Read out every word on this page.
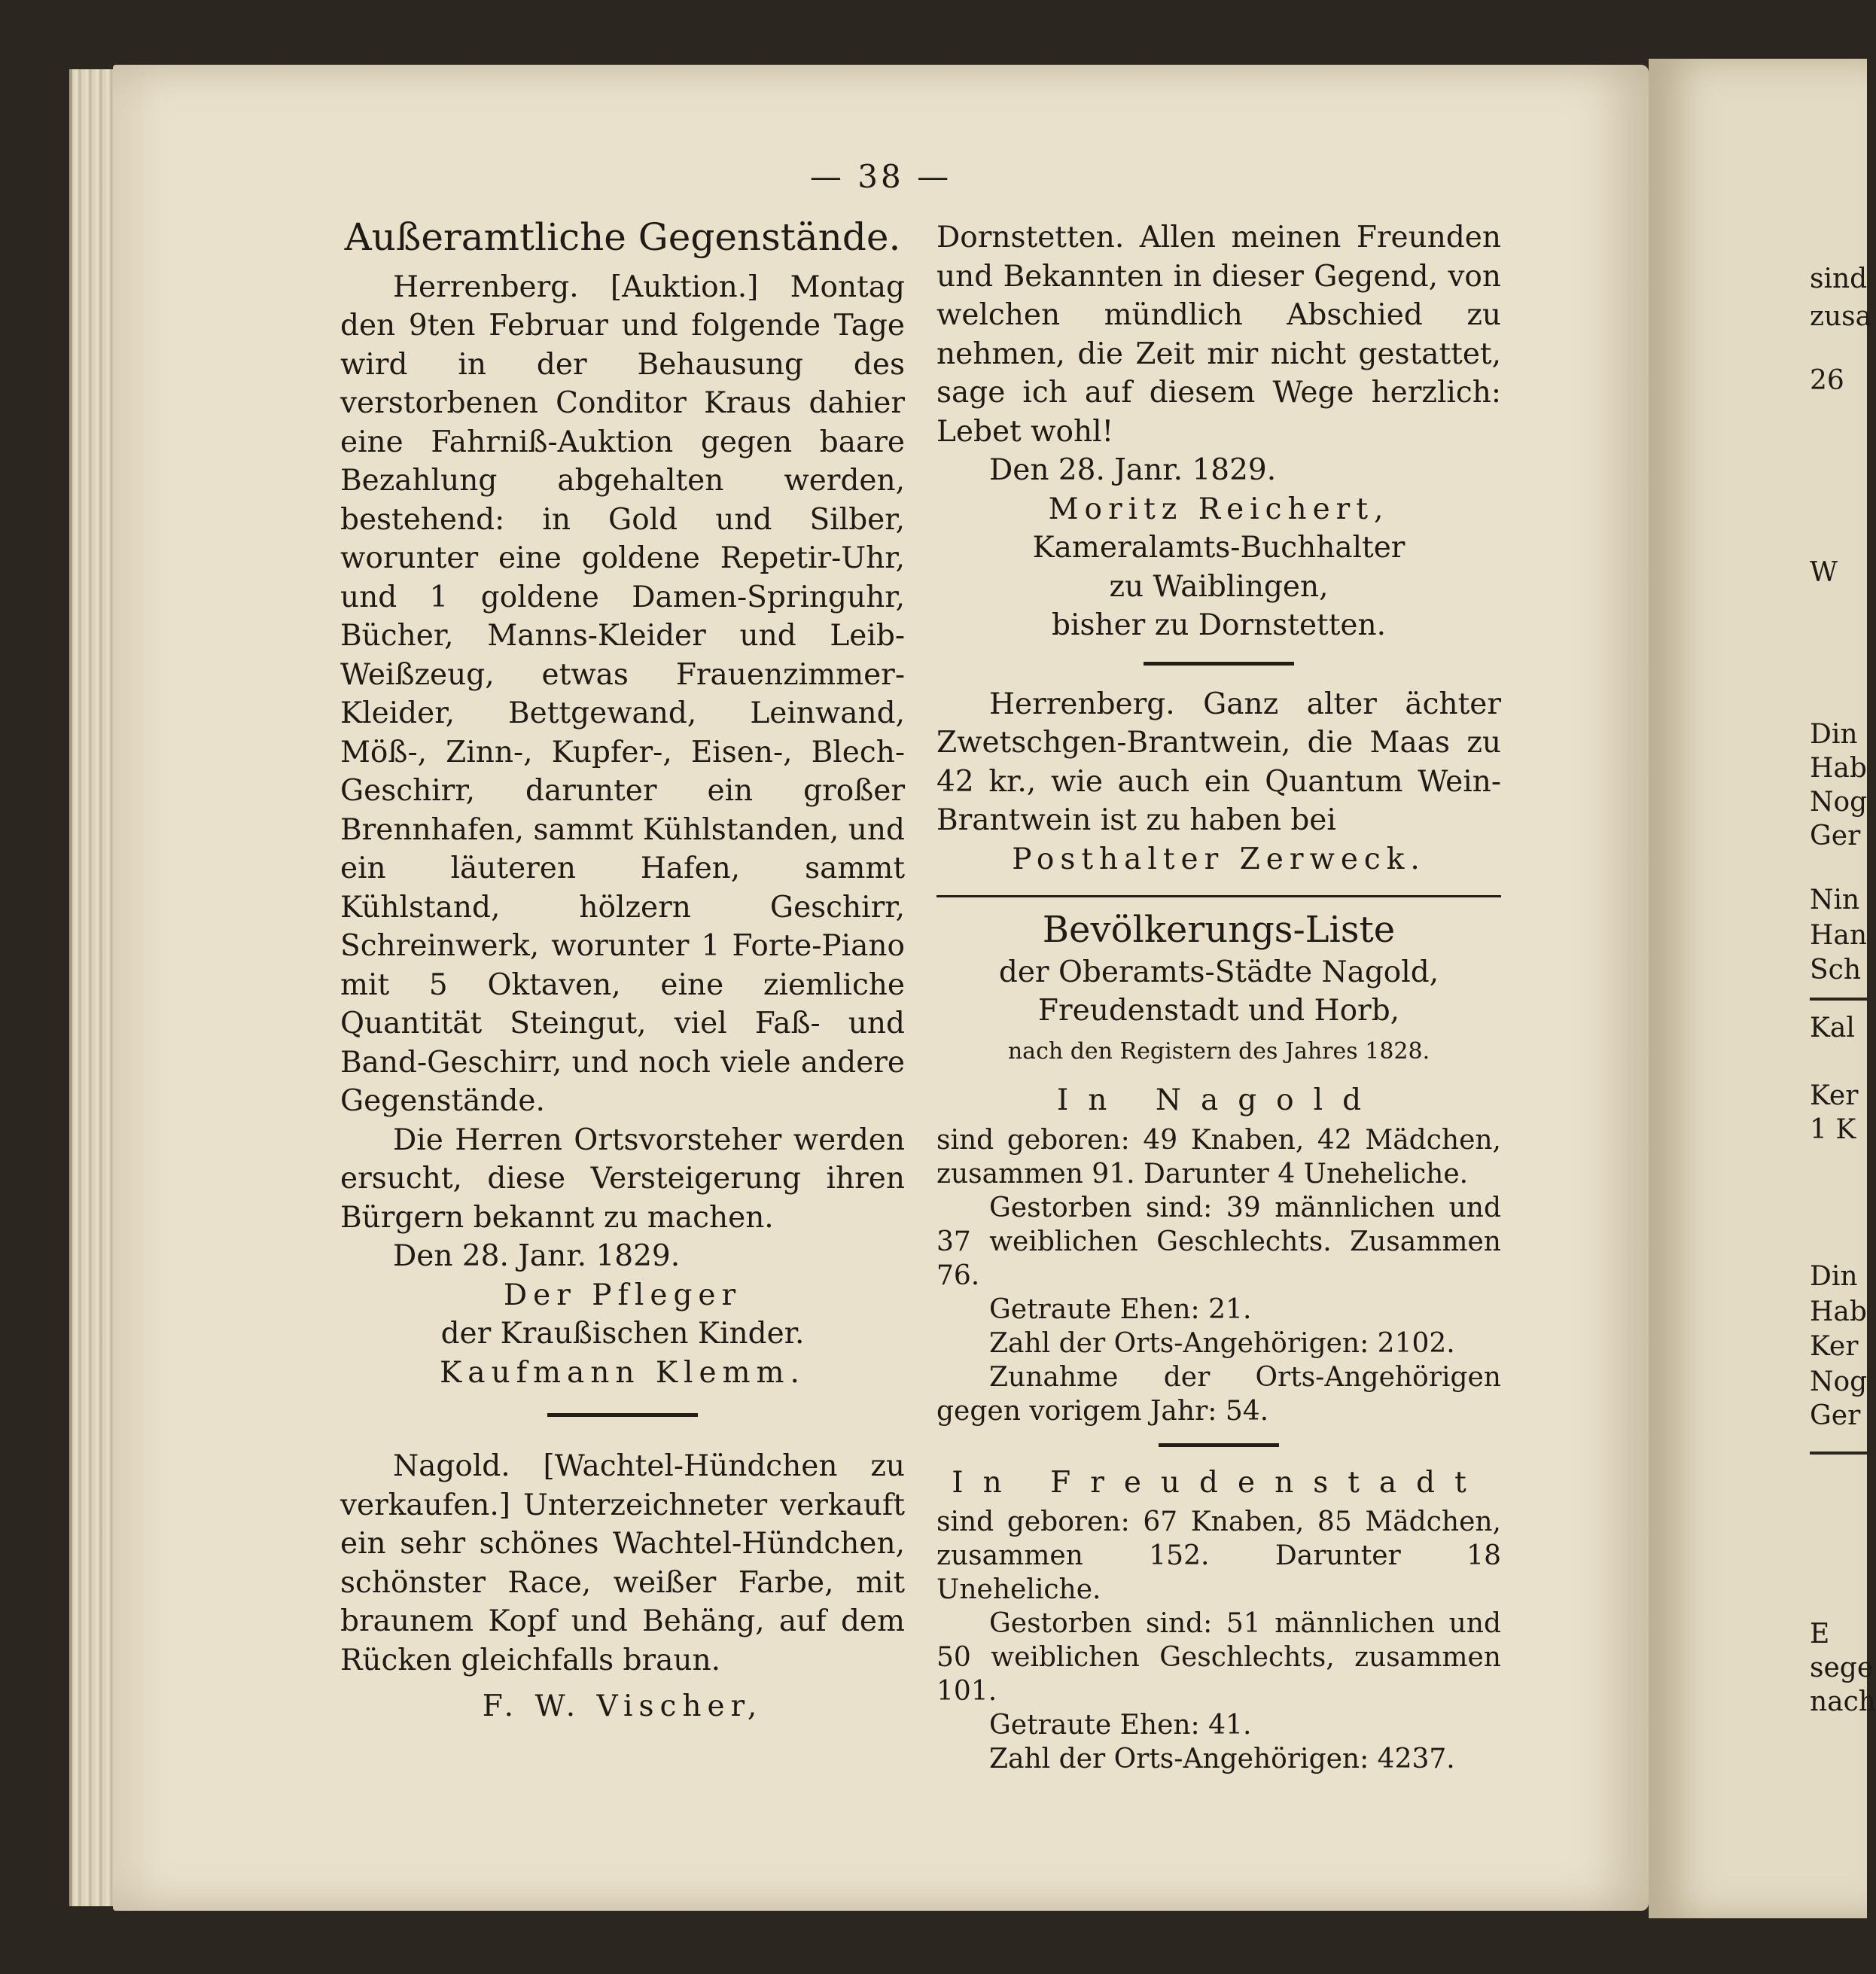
— 38 —

Außeramtliche Gegenstände.

Herrenberg. [Auktion.] Montag den 9ten Februar und folgende Tage wird in der Behausung des verstorbenen Conditor Kraus dahier eine Fahrniß-Auktion gegen baare Bezahlung abgehalten werden, bestehend: in Gold und Silber, worunter eine goldene Repetir-Uhr, und 1 goldene Damen-Springuhr, Bücher, Manns-Kleider und Leib-Weißzeug, etwas Frauenzimmer-Kleider, Bettgewand, Leinwand, Möß-, Zinn-, Kupfer-, Eisen-, Blech-Geschirr, darunter ein großer Brennhafen, sammt Kühlstanden, und ein läuteren Hafen, sammt Kühlstand, hölzern Geschirr, Schreinwerk, worunter 1 Forte-Piano mit 5 Oktaven, eine ziemliche Quantität Steingut, viel Faß- und Band-Geschirr, und noch viele andere Gegenstände.

Die Herren Ortsvorsteher werden ersucht, diese Versteigerung ihren Bürgern bekannt zu machen.

Den 28. Janr. 1829.

Der Pfleger

der Kraußischen Kinder.

Kaufmann Klemm.

Nagold. [Wachtel-Hündchen zu verkaufen.] Unterzeichneter verkauft ein sehr schönes Wachtel-Hündchen, schönster Race, weißer Farbe, mit braunem Kopf und Behäng, auf dem Rücken gleichfalls braun.

F. W. Vischer,

Dornstetten. Allen meinen Freunden und Bekannten in dieser Gegend, von welchen mündlich Abschied zu nehmen, die Zeit mir nicht gestattet, sage ich auf diesem Wege herzlich: Lebet wohl!

Den 28. Janr. 1829.

Moritz Reichert,

Kameralamts-Buchhalter

zu Waiblingen,

bisher zu Dornstetten.

Herrenberg. Ganz alter ächter Zwetschgen-Brantwein, die Maas zu 42 kr., wie auch ein Quantum Wein-Brantwein ist zu haben bei

Posthalter Zerweck.

Bevölkerungs-Liste

der Oberamts-Städte Nagold, Freudenstadt und Horb,

nach den Registern des Jahres 1828.

In Nagold

sind geboren: 49 Knaben, 42 Mädchen, zusammen 91. Darunter 4 Uneheliche.

Gestorben sind: 39 männlichen und 37 weiblichen Geschlechts. Zusammen 76.

Getraute Ehen: 21.

Zahl der Orts-Angehörigen: 2102.

Zunahme der Orts-Angehörigen gegen vorigem Jahr: 54.

In Freudenstadt

sind geboren: 67 Knaben, 85 Mädchen, zusammen 152. Darunter 18 Uneheliche.

Gestorben sind: 51 männlichen und 50 weiblichen Geschlechts, zusammen 101.

Getraute Ehen: 41.

Zahl der Orts-Angehörigen: 4237.

sind
zusa
26
W
Din
Hab
Nog
Ger
Nin
Han
Sch
Kal
Ker
1 K
Din
Hab
Ker
Nog
Ger
E
sege
nach
